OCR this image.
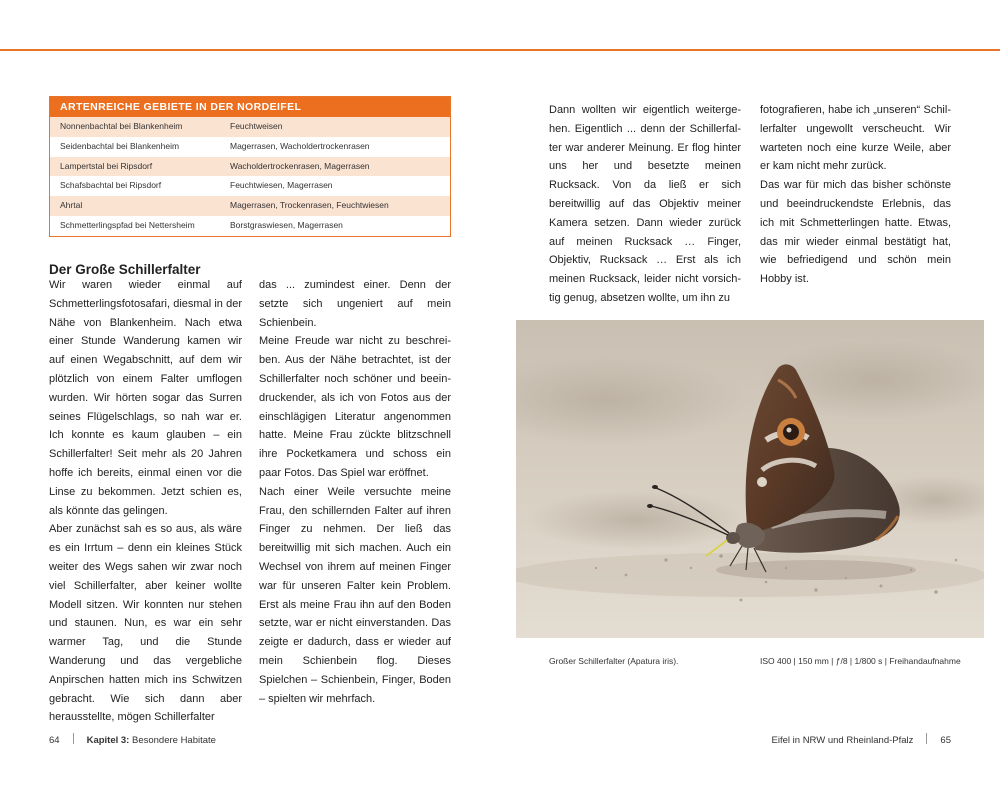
ARTENREICHE GEBIETE IN DER NORDEIFEL
Nonnenbachtal bei Blankenheim	Feuchtweisen
Seidenbachtal bei Blankenheim	Magerrasen, Wacholdertrockenrasen
Lampertstal bei Ripsdorf	Wacholdertrockenrasen, Magerrasen
Schafsbachtal bei Ripsdorf	Feuchtwiesen, Magerrasen
Ahrtal	Magerrasen, Trockenrasen, Feuchtwiesen
Schmetterlingspfad bei Nettersheim	Borstgraswiesen, Magerrasen
Der Große Schillerfalter

Wir waren wieder einmal auf Schmetterlingsfotosafari, diesmal in der Nähe von Blankenheim. Nach etwa einer Stunde Wanderung kamen wir auf einen Wegabschnitt, auf dem wir plötzlich von einem Falter umflogen wurden. Wir hörten sogar das Surren seines Flügelschlags, so nah war er. Ich konnte es kaum glauben – ein Schillerfalter! Seit mehr als 20 Jahren hoffe ich bereits, einmal einen vor die Linse zu bekommen. Jetzt schien es, als könnte das gelingen.

Aber zunächst sah es so aus, als wäre es ein Irrtum – denn ein kleines Stück weiter des Wegs sahen wir zwar noch viel Schillerfalter, aber keiner wollte Modell sitzen. Wir konnten nur stehen und staunen. Nun, es war ein sehr warmer Tag, und die Stunde Wanderung und das vergebliche Anpirschen hatten mich ins Schwitzen gebracht. Wie sich dann aber herausstellte, mögen Schillerfalter

das ... zumindest einer. Denn der setzte sich ungeniert auf mein Schienbein.

Meine Freude war nicht zu beschreiben. Aus der Nähe betrachtet, ist der Schillerfalter noch schöner und beeindruckender, als ich von Fotos aus der einschlägigen Literatur angenommen hatte. Meine Frau zückte blitzschnell ihre Pocketkamera und schoss ein paar Fotos. Das Spiel war eröffnet.

Nach einer Weile versuchte meine Frau, den schillernden Falter auf ihren Finger zu nehmen. Der ließ das bereitwillig mit sich machen. Auch ein Wechsel von ihrem auf meinen Finger war für unseren Falter kein Problem. Erst als meine Frau ihn auf den Boden setzte, war er nicht einverstanden. Das zeigte er dadurch, dass er wieder auf mein Schienbein flog. Dieses Spielchen – Schienbein, Finger, Boden – spielten wir mehrfach.

Dann wollten wir eigentlich weitergehen. Eigentlich ... denn der Schillerfalter war anderer Meinung. Er flog hinter uns her und besetzte meinen Rucksack. Von da ließ er sich bereitwillig auf das Objektiv meiner Kamera setzen. Dann wieder zurück auf meinen Rucksack … Finger, Objektiv, Rucksack … Erst als ich meinen Rucksack, leider nicht vorsichtig genug, absetzen wollte, um ihn zu

fotografieren, habe ich „unseren“ Schillerfalter ungewollt verscheucht. Wir warteten noch eine kurze Weile, aber er kam nicht mehr zurück.

Das war für mich das bisher schönste und beeindruckendste Erlebnis, das ich mit Schmetterlingen hatte. Etwas, das mir wieder einmal bestätigt hat, wie befriedigend und schön mein Hobby ist.

Großer Schillerfalter (Apatura iris).	ISO 400 | 150 mm | ƒ/8 | 1/800 s | Freihandaufnahme
64	Kapitel 3: Besondere Habitate	Eifel in NRW und Rheinland-Pfalz	65
